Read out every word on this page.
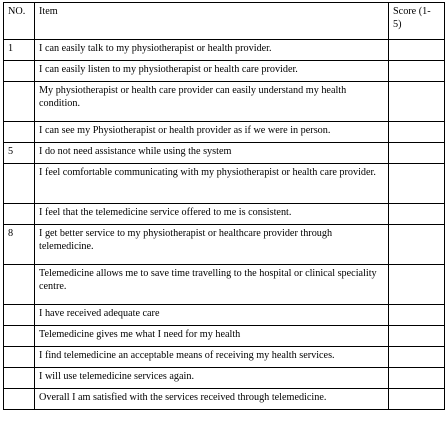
NO.	Item	Score (1-
5)
1	I can easily talk to my physiotherapist or health provider.	
	I can easily listen to my physiotherapist or health care provider.	
	My physiotherapist or health care provider can easily understand my health condition.	
	I can see my Physiotherapist or health provider as if we were in person.	
5	I do not need assistance while using the system	
	I feel comfortable communicating with my physiotherapist or health care provider.	
	I feel that the telemedicine service offered to me is consistent.	
8	I get better service to my physiotherapist or healthcare provider through telemedicine.	
	Telemedicine allows me to save time travelling to the hospital or clinical speciality centre.	
	I have received adequate care	
	Telemedicine gives me what I need for my health	
	I find telemedicine an acceptable means of receiving my health services.	
	I will use telemedicine services again.	
	Overall I am satisfied with the services received through telemedicine.	
